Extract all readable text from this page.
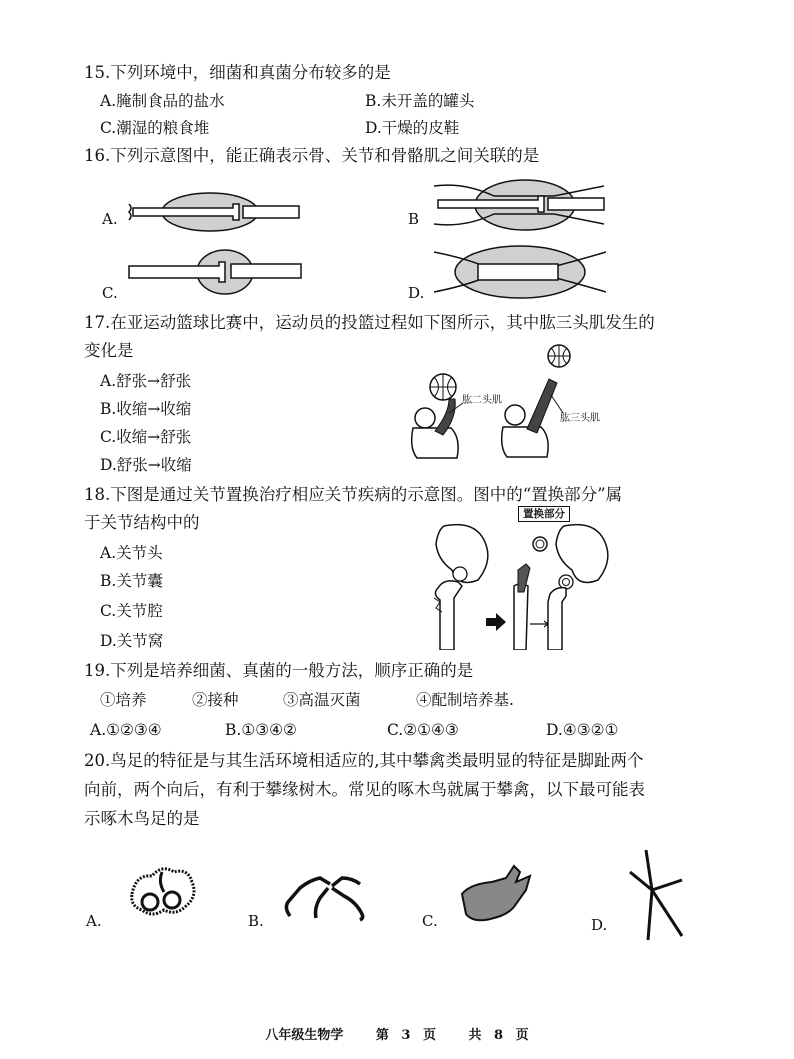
15.下列环境中，细菌和真菌分布较多的是
A.腌制食品的盐水	B.未开盖的罐头
C.潮湿的粮食堆	D.干燥的皮鞋
16.下列示意图中，能正确表示骨、关节和骨骼肌之间关联的是
A.	B
C.	D.
17.在亚运动篮球比赛中，运动员的投篮过程如下图所示，其中肱三头肌发生的
变化是
A.舒张→舒张
B.收缩→收缩
C.收缩→舒张
D.舒张→收缩
肱二头肌
肱三头肌
18.下图是通过关节置换治疗相应关节疾病的示意图。图中的“置换部分”属
于关节结构中的
A.关节头
B.关节囊
C.关节腔
D.关节窝
置换部分
19.下列是培养细菌、真菌的一般方法，顺序正确的是
①培养	②接种	③高温灭菌	④配制培养基.
A.①②③④	B.①③④②	C.②①④③	D.④③②①
20.鸟足的特征是与其生活环境相适应的,其中攀禽类最明显的特征是脚趾两个
向前，两个向后，有利于攀缘树木。常见的啄木鸟就属于攀禽，以下最可能表
示啄木鸟足的是
A.	B.	C.	D.
八年级生物学	第 3 页	共 8 页
